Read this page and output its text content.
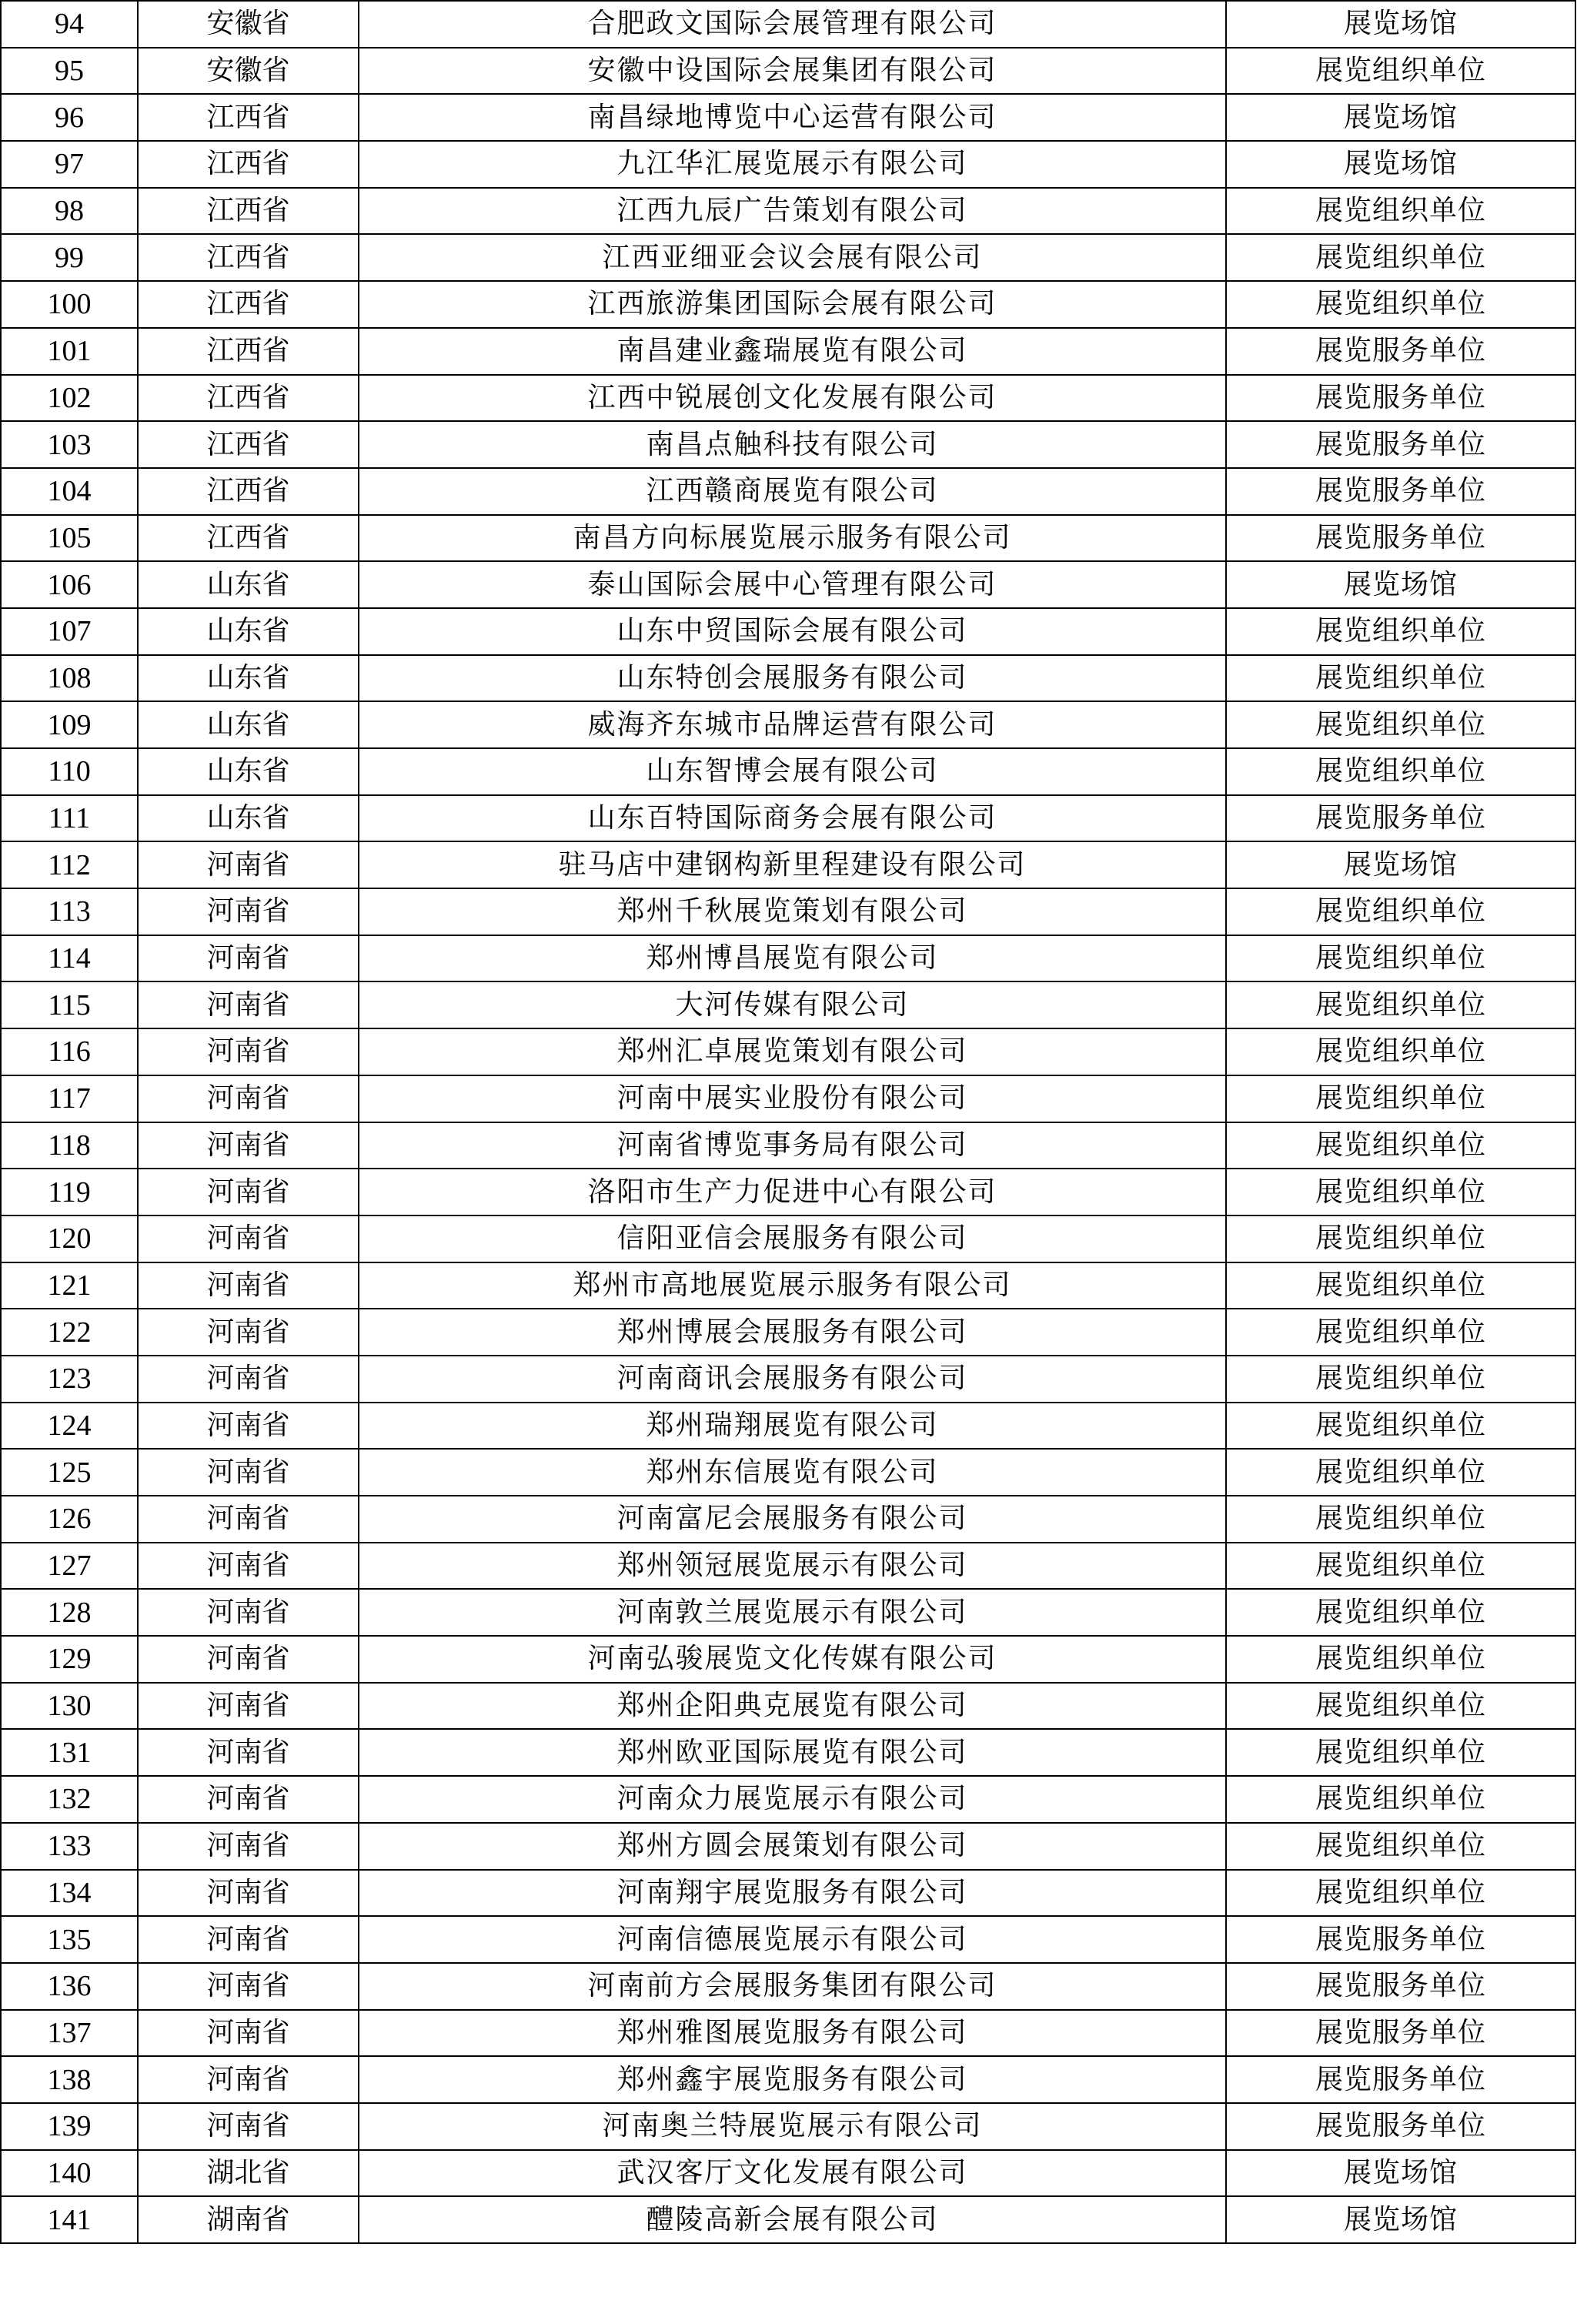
94	安徽省	合肥政文国际会展管理有限公司	展览场馆
95	安徽省	安徽中设国际会展集团有限公司	展览组织单位
96	江西省	南昌绿地博览中心运营有限公司	展览场馆
97	江西省	九江华汇展览展示有限公司	展览场馆
98	江西省	江西九辰广告策划有限公司	展览组织单位
99	江西省	江西亚细亚会议会展有限公司	展览组织单位
100	江西省	江西旅游集团国际会展有限公司	展览组织单位
101	江西省	南昌建业鑫瑞展览有限公司	展览服务单位
102	江西省	江西中锐展创文化发展有限公司	展览服务单位
103	江西省	南昌点触科技有限公司	展览服务单位
104	江西省	江西赣商展览有限公司	展览服务单位
105	江西省	南昌方向标展览展示服务有限公司	展览服务单位
106	山东省	泰山国际会展中心管理有限公司	展览场馆
107	山东省	山东中贸国际会展有限公司	展览组织单位
108	山东省	山东特创会展服务有限公司	展览组织单位
109	山东省	威海齐东城市品牌运营有限公司	展览组织单位
110	山东省	山东智博会展有限公司	展览组织单位
111	山东省	山东百特国际商务会展有限公司	展览服务单位
112	河南省	驻马店中建钢构新里程建设有限公司	展览场馆
113	河南省	郑州千秋展览策划有限公司	展览组织单位
114	河南省	郑州博昌展览有限公司	展览组织单位
115	河南省	大河传媒有限公司	展览组织单位
116	河南省	郑州汇卓展览策划有限公司	展览组织单位
117	河南省	河南中展实业股份有限公司	展览组织单位
118	河南省	河南省博览事务局有限公司	展览组织单位
119	河南省	洛阳市生产力促进中心有限公司	展览组织单位
120	河南省	信阳亚信会展服务有限公司	展览组织单位
121	河南省	郑州市高地展览展示服务有限公司	展览组织单位
122	河南省	郑州博展会展服务有限公司	展览组织单位
123	河南省	河南商讯会展服务有限公司	展览组织单位
124	河南省	郑州瑞翔展览有限公司	展览组织单位
125	河南省	郑州东信展览有限公司	展览组织单位
126	河南省	河南富尼会展服务有限公司	展览组织单位
127	河南省	郑州领冠展览展示有限公司	展览组织单位
128	河南省	河南敦兰展览展示有限公司	展览组织单位
129	河南省	河南弘骏展览文化传媒有限公司	展览组织单位
130	河南省	郑州企阳典克展览有限公司	展览组织单位
131	河南省	郑州欧亚国际展览有限公司	展览组织单位
132	河南省	河南众力展览展示有限公司	展览组织单位
133	河南省	郑州方圆会展策划有限公司	展览组织单位
134	河南省	河南翔宇展览服务有限公司	展览组织单位
135	河南省	河南信德展览展示有限公司	展览服务单位
136	河南省	河南前方会展服务集团有限公司	展览服务单位
137	河南省	郑州雅图展览服务有限公司	展览服务单位
138	河南省	郑州鑫宇展览服务有限公司	展览服务单位
139	河南省	河南奥兰特展览展示有限公司	展览服务单位
140	湖北省	武汉客厅文化发展有限公司	展览场馆
141	湖南省	醴陵高新会展有限公司	展览场馆
